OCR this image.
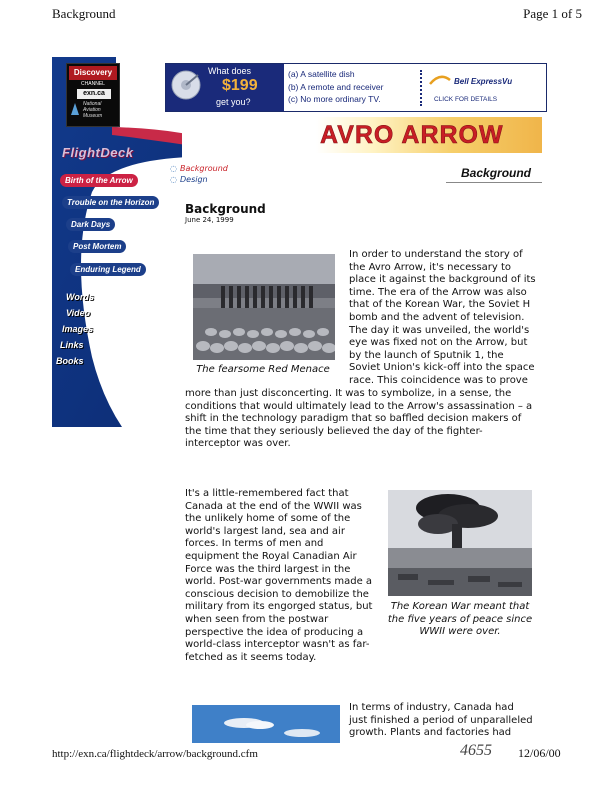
Background	Page 1 of 5
http://exn.ca/flightdeck/arrow/background.cfm	4655 12/06/00
Discovery
CHANNEL
exn.ca
National Aviation Museum
FlightDeck
Birth of the Arrow
Trouble on the Horizon
Dark Days
Post Mortem
Enduring Legend
Words
Video
Images
Links
Books
◌ Background
◌ Design
What does
$199
get you?
(a) A satellite dish
(b) A remote and receiver
(c) No more ordinary TV.
Bell ExpressVu
CLICK FOR DETAILS
AVRO ARROW
Background
Background
June 24, 1999
The fearsome Red Menace
In order to understand the story of
the Avro Arrow, it's necessary to
place it against the background of its
time. The era of the Arrow was also
that of the Korean War, the Soviet H
bomb and the advent of television.
The day it was unveiled, the world's
eye was fixed not on the Arrow, but
by the launch of Sputnik 1, the
Soviet Union's kick-off into the space
race. This coincidence was to prove
more than just disconcerting. It was to symbolize, in a sense, the
conditions that would ultimately lead to the Arrow's assassination – a
shift in the technology paradigm that so baffled decision makers of
the time that they seriously believed the day of the fighter-
interceptor was over.
It's a little-remembered fact that
Canada at the end of the WWII was
the unlikely home of some of the
world's largest land, sea and air
forces. In terms of men and
equipment the Royal Canadian Air
Force was the third largest in the
world. Post-war governments made a
conscious decision to demobilize the
military from its engorged status, but
when seen from the postwar
perspective the idea of producing a
world-class interceptor wasn't as far-
fetched as it seems today.
The Korean War meant that
the five years of peace since
WWII were over.
In terms of industry, Canada had
just finished a period of unparalleled
growth. Plants and factories had
